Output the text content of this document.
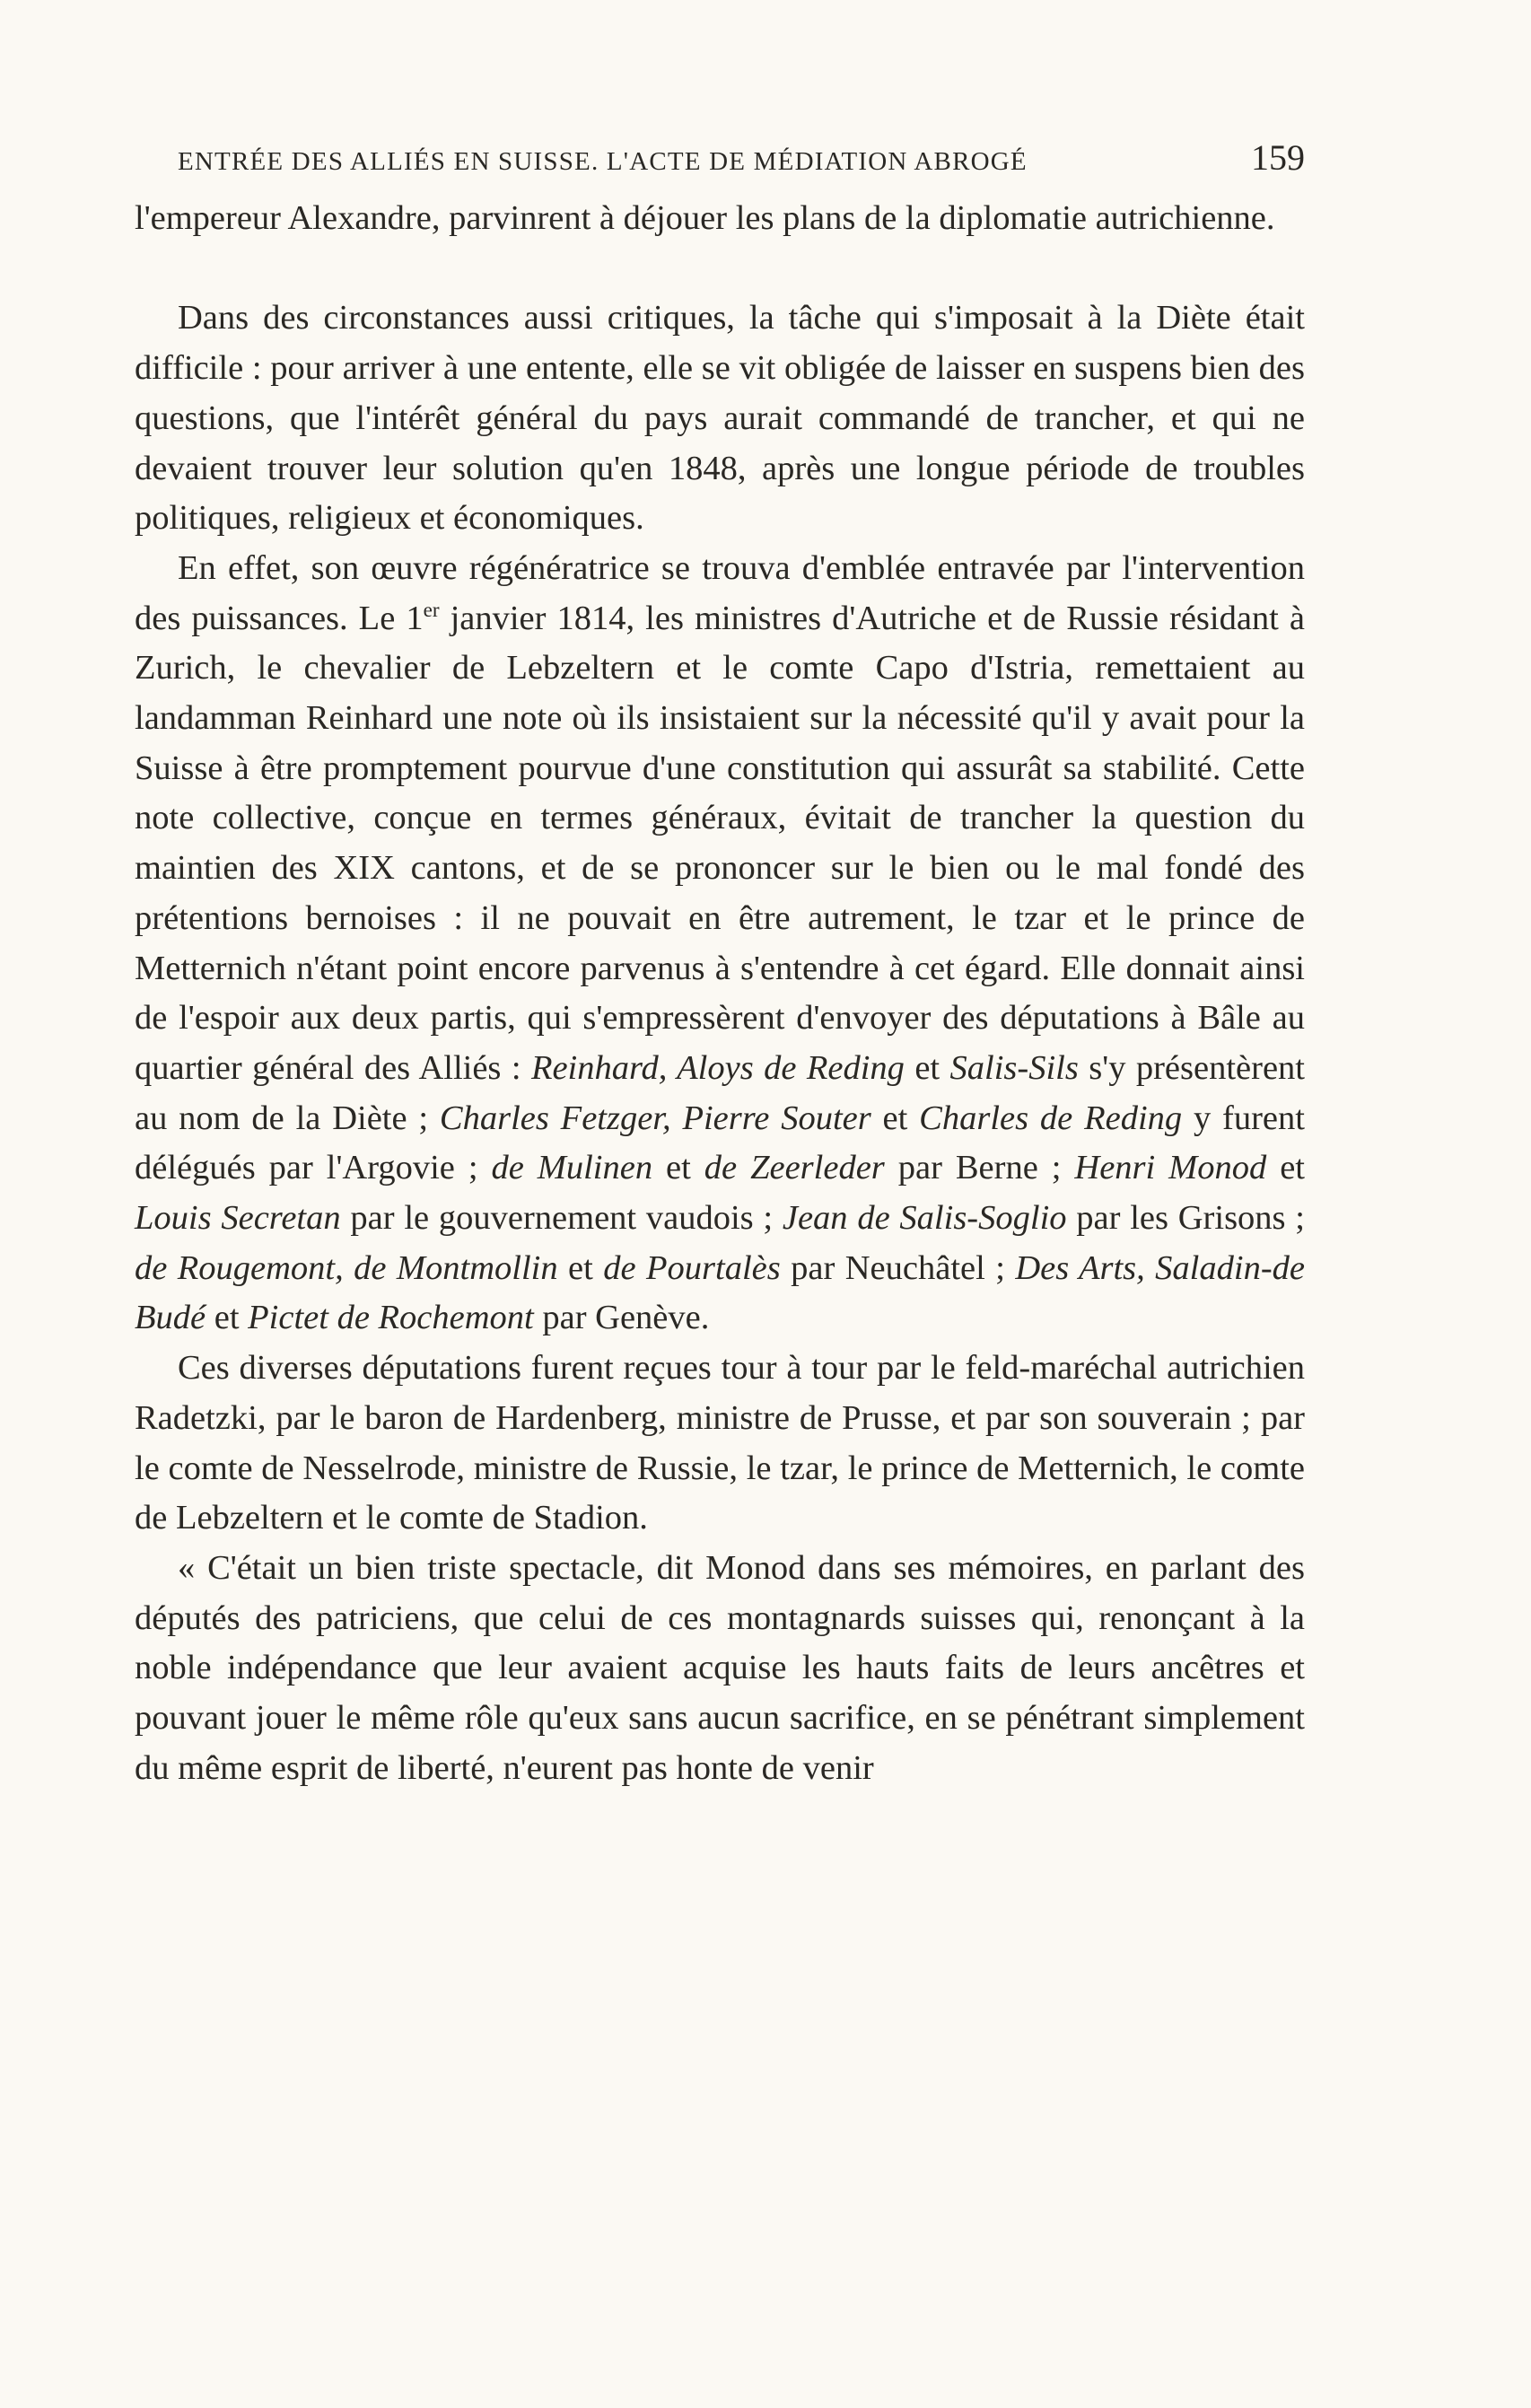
ENTRÉE DES ALLIÉS EN SUISSE. L'ACTE DE MÉDIATION ABROGÉ	159

l'empereur Alexandre, parvinrent à déjouer les plans de la diplomatie autrichienne.

Dans des circonstances aussi critiques, la tâche qui s'imposait à la Diète était difficile : pour arriver à une entente, elle se vit obligée de laisser en suspens bien des questions, que l'intérêt général du pays aurait commandé de trancher, et qui ne devaient trouver leur solution qu'en 1848, après une longue période de troubles politiques, religieux et économiques.

En effet, son œuvre régénératrice se trouva d'emblée entravée par l'intervention des puissances. Le 1er janvier 1814, les ministres d'Autriche et de Russie résidant à Zurich, le chevalier de Lebzeltern et le comte Capo d'Istria, remettaient au landamman Reinhard une note où ils insistaient sur la nécessité qu'il y avait pour la Suisse à être promptement pourvue d'une constitution qui assurât sa stabilité. Cette note collective, conçue en termes généraux, évitait de trancher la question du maintien des XIX cantons, et de se prononcer sur le bien ou le mal fondé des prétentions bernoises : il ne pouvait en être autrement, le tzar et le prince de Metternich n'étant point encore parvenus à s'entendre à cet égard. Elle donnait ainsi de l'espoir aux deux partis, qui s'empressèrent d'envoyer des députations à Bâle au quartier général des Alliés : Reinhard, Aloys de Reding et Salis-Sils s'y présentèrent au nom de la Diète ; Charles Fetzger, Pierre Souter et Charles de Reding y furent délégués par l'Argovie ; de Mulinen et de Zeerleder par Berne ; Henri Monod et Louis Secretan par le gouvernement vaudois ; Jean de Salis-Soglio par les Grisons ; de Rougemont, de Montmollin et de Pourtalès par Neuchâtel ; Des Arts, Saladin-de Budé et Pictet de Rochemont par Genève.

Ces diverses députations furent reçues tour à tour par le feld-maréchal autrichien Radetzki, par le baron de Hardenberg, ministre de Prusse, et par son souverain ; par le comte de Nesselrode, ministre de Russie, le tzar, le prince de Metternich, le comte de Lebzeltern et le comte de Stadion.

« C'était un bien triste spectacle, dit Monod dans ses mémoires, en parlant des députés des patriciens, que celui de ces montagnards suisses qui, renonçant à la noble indépendance que leur avaient acquise les hauts faits de leurs ancêtres et pouvant jouer le même rôle qu'eux sans aucun sacrifice, en se pénétrant simplement du même esprit de liberté, n'eurent pas honte de venir
